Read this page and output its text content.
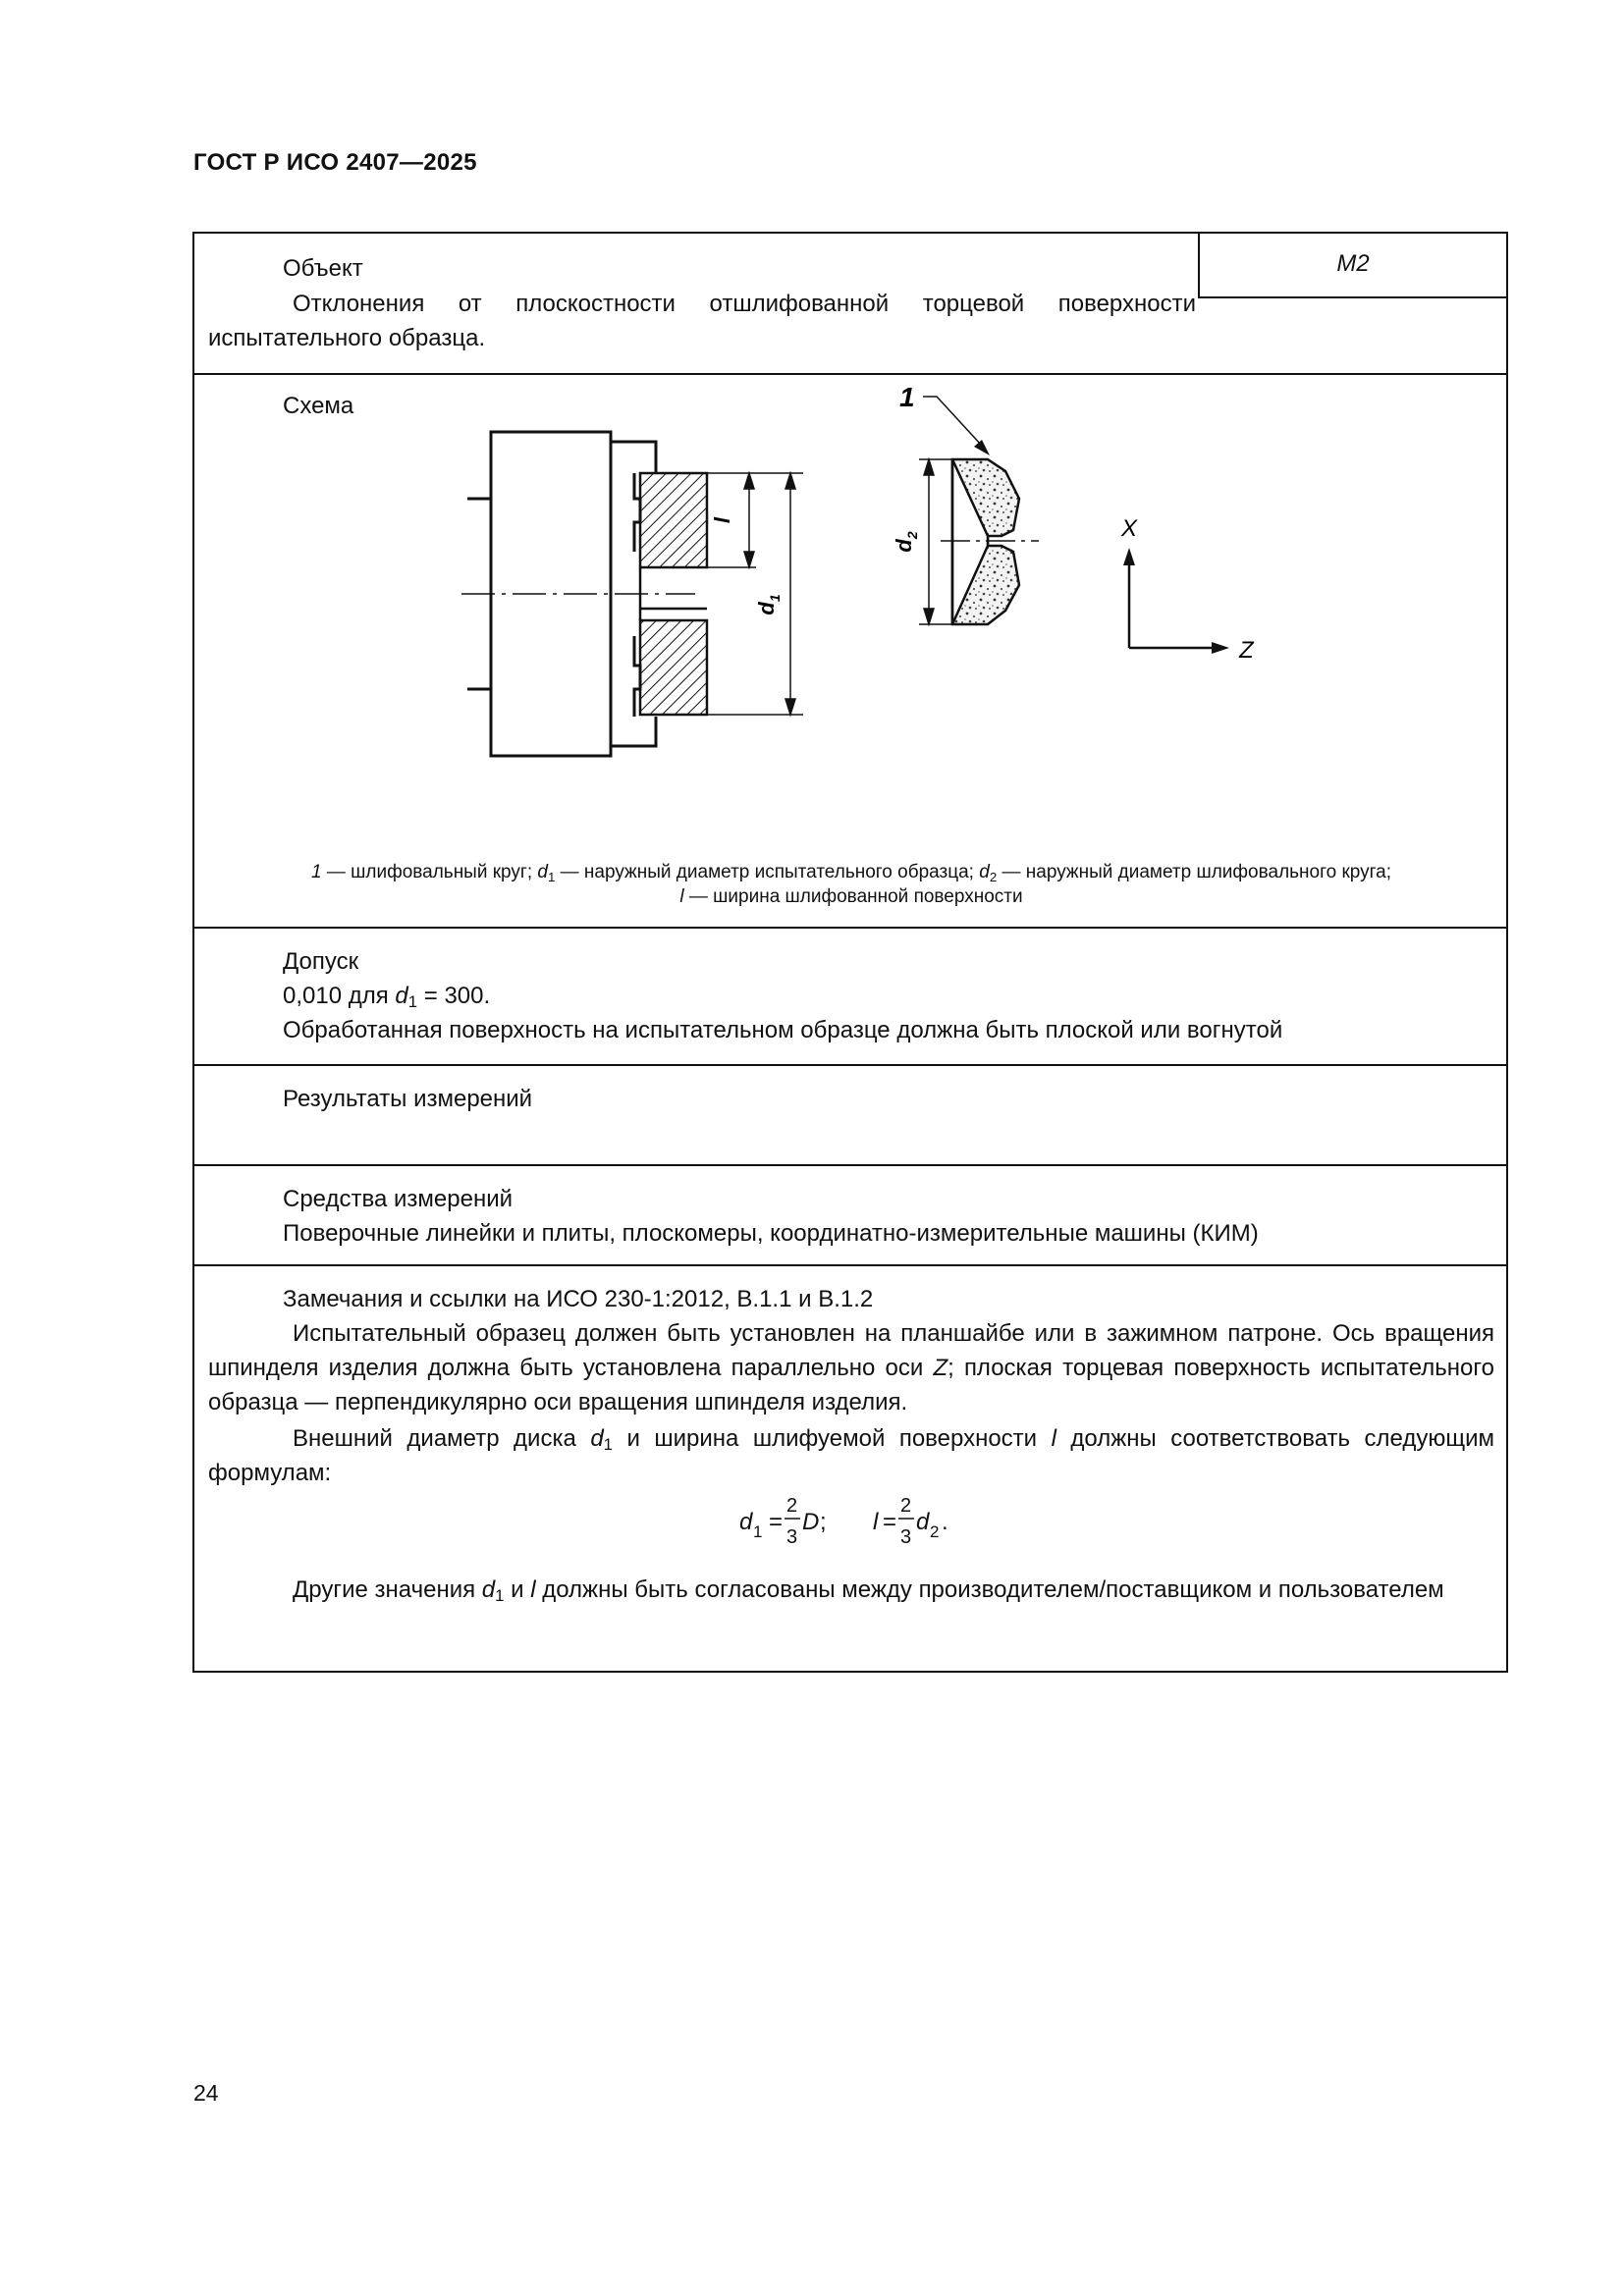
ГОСТ Р ИСО 2407—2025
Объект	М2
Отклонения от плоскостности отшлифованной торцевой поверхности испытательного образца.
Схема
l
$d_1$
$d_2$
1
X
Z
1 — шлифовальный круг; $d_1$ — наружный диаметр испытательного образца; $d_2$ — наружный диаметр шлифовального круга;
l — ширина шлифованной поверхности
Допуск
0,010 для $d_1 = 300$.
Обработанная поверхность на испытательном образце должна быть плоской или вогнутой
Результаты измерений
Средства измерений
Поверочные линейки и плиты, плоскомеры, координатно-измерительные машины (КИМ)
Замечания и ссылки на ИСО 230-1:2012, В.1.1 и В.1.2
Испытательный образец должен быть установлен на планшайбе или в зажимном патроне. Ось вращения шпинделя изделия должна быть установлена параллельно оси Z; плоская торцевая поверхность испытательного образца — перпендикулярно оси вращения шпинделя изделия.
Внешний диаметр диска $d_1$ и ширина шлифуемой поверхности l должны соответствовать следующим формулам:
d 1 =
2
3
D ; l =
2
3
d 2 .
Другие значения $d_1$ и l должны быть согласованы между производителем/поставщиком и пользователем
24
